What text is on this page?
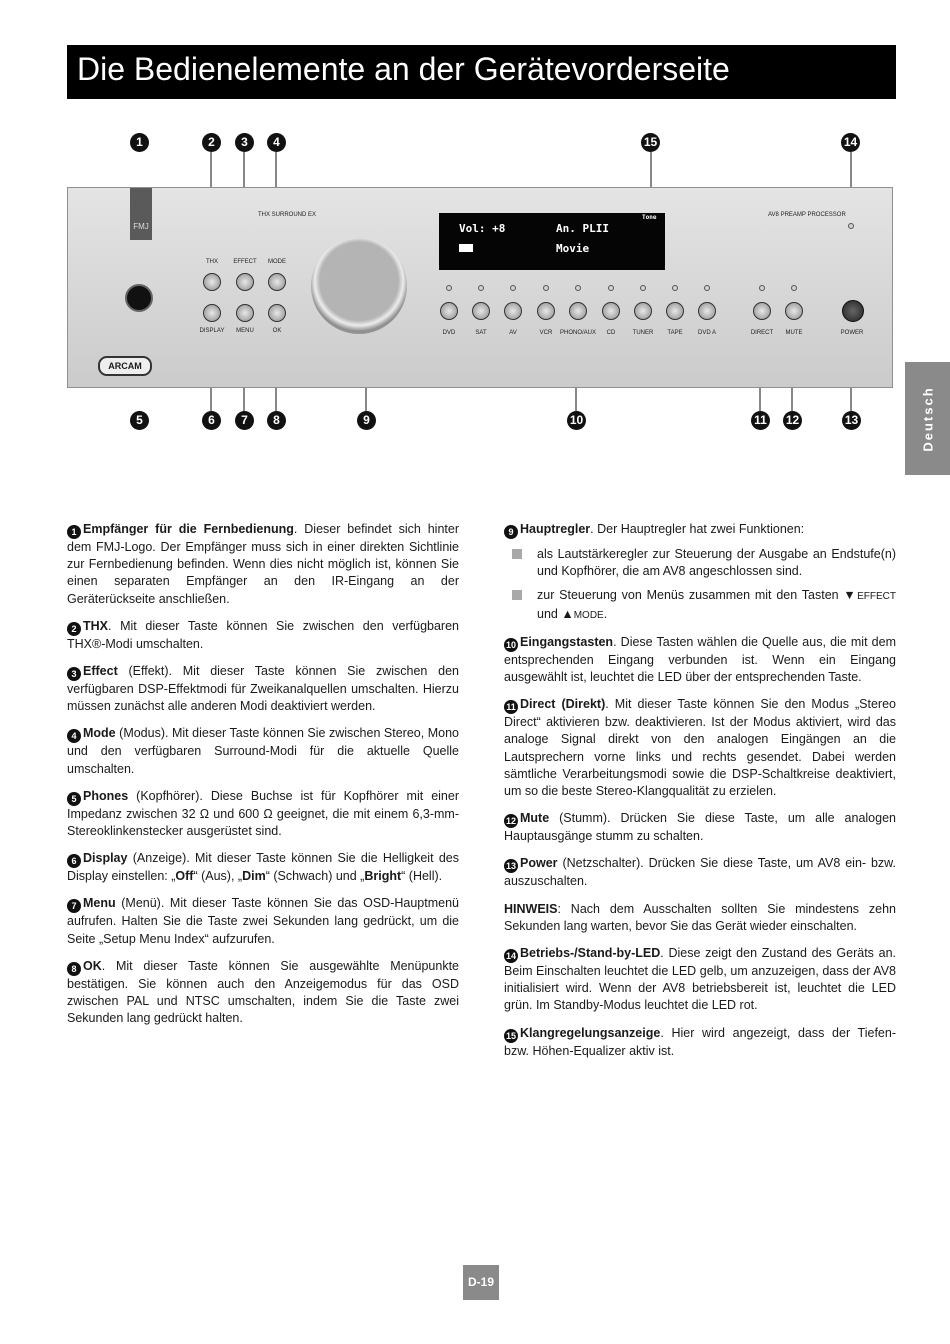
Die Bedienelemente an der Gerätevorderseite
Deutsch
1	2	3	4	15	14
FMJ
THX SURROUND EX	AV8 PREAMP PROCESSOR
THX	EFFECT MODE
DISPLAY MENU	OK
ARCAM
Vol: +8	An. PLII
Movie
Tone
DVD	SAT	AV	VCR PHONO/AUX CD	TUNER TAPE	DVD A	DIRECT MUTE	POWER
5	6	7	8	9	10	11 12	13

1 Empfänger für die Fernbedienung. Dieser befindet sich hinter dem FMJ-Logo. Der Empfänger muss sich in einer direkten Sichtlinie zur Fernbedienung befinden. Wenn dies nicht möglich ist, können Sie einen separaten Empfänger an den IR-Eingang an der Geräterückseite anschließen.

2 THX. Mit dieser Taste können Sie zwischen den verfügbaren THX®-Modi umschalten.

3 Effect (Effekt). Mit dieser Taste können Sie zwischen den verfügbaren DSP-Effektmodi für Zweikanalquellen umschalten. Hierzu müssen zunächst alle anderen Modi deaktiviert werden.

4 Mode (Modus). Mit dieser Taste können Sie zwischen Stereo, Mono und den verfügbaren Surround-Modi für die aktuelle Quelle umschalten.

5 Phones (Kopfhörer). Diese Buchse ist für Kopfhörer mit einer Impedanz zwischen 32 Ω und 600 Ω geeignet, die mit einem 6,3-mm-Stereoklinkenstecker ausgerüstet sind.

6 Display (Anzeige). Mit dieser Taste können Sie die Helligkeit des Display einstellen: „Off“ (Aus), „Dim“ (Schwach) und „Bright“ (Hell).

7 Menu (Menü). Mit dieser Taste können Sie das OSD-Hauptmenü aufrufen. Halten Sie die Taste zwei Sekunden lang gedrückt, um die Seite „Setup Menu Index“ aufzurufen.

8 OK. Mit dieser Taste können Sie ausgewählte Menüpunkte bestätigen. Sie können auch den Anzeigemodus für das OSD zwischen PAL und NTSC umschalten, indem Sie die Taste zwei Sekunden lang gedrückt halten.

9 Hauptregler. Der Hauptregler hat zwei Funktionen:

als Lautstärkeregler zur Steuerung der Ausgabe an Endstufe(n) und Kopfhörer, die am AV8 angeschlossen sind.
zur Steuerung von Menüs zusammen mit den Tasten ▼EFFECT und ▲MODE.

10 Eingangstasten. Diese Tasten wählen die Quelle aus, die mit dem entsprechenden Eingang verbunden ist. Wenn ein Eingang ausgewählt ist, leuchtet die LED über der entsprechenden Taste.

11 Direct (Direkt). Mit dieser Taste können Sie den Modus „Stereo Direct“ aktivieren bzw. deaktivieren. Ist der Modus aktiviert, wird das analoge Signal direkt von den analogen Eingängen an die Lautsprechern vorne links und rechts gesendet. Dabei werden sämtliche Verarbeitungsmodi sowie die DSP-Schaltkreise deaktiviert, um so die beste Stereo-Klangqualität zu erzielen.

12 Mute (Stumm). Drücken Sie diese Taste, um alle analogen Hauptausgänge stumm zu schalten.

13 Power (Netzschalter). Drücken Sie diese Taste, um AV8 ein- bzw. auszuschalten.

HINWEIS: Nach dem Ausschalten sollten Sie mindestens zehn Sekunden lang warten, bevor Sie das Gerät wieder einschalten.

14 Betriebs-/Stand-by-LED. Diese zeigt den Zustand des Geräts an. Beim Einschalten leuchtet die LED gelb, um anzuzeigen, dass der AV8 initialisiert wird. Wenn der AV8 betriebsbereit ist, leuchtet die LED grün. Im Standby-Modus leuchtet die LED rot.

15 Klangregelungsanzeige. Hier wird angezeigt, dass der Tiefen- bzw. Höhen-Equalizer aktiv ist.

D-19
